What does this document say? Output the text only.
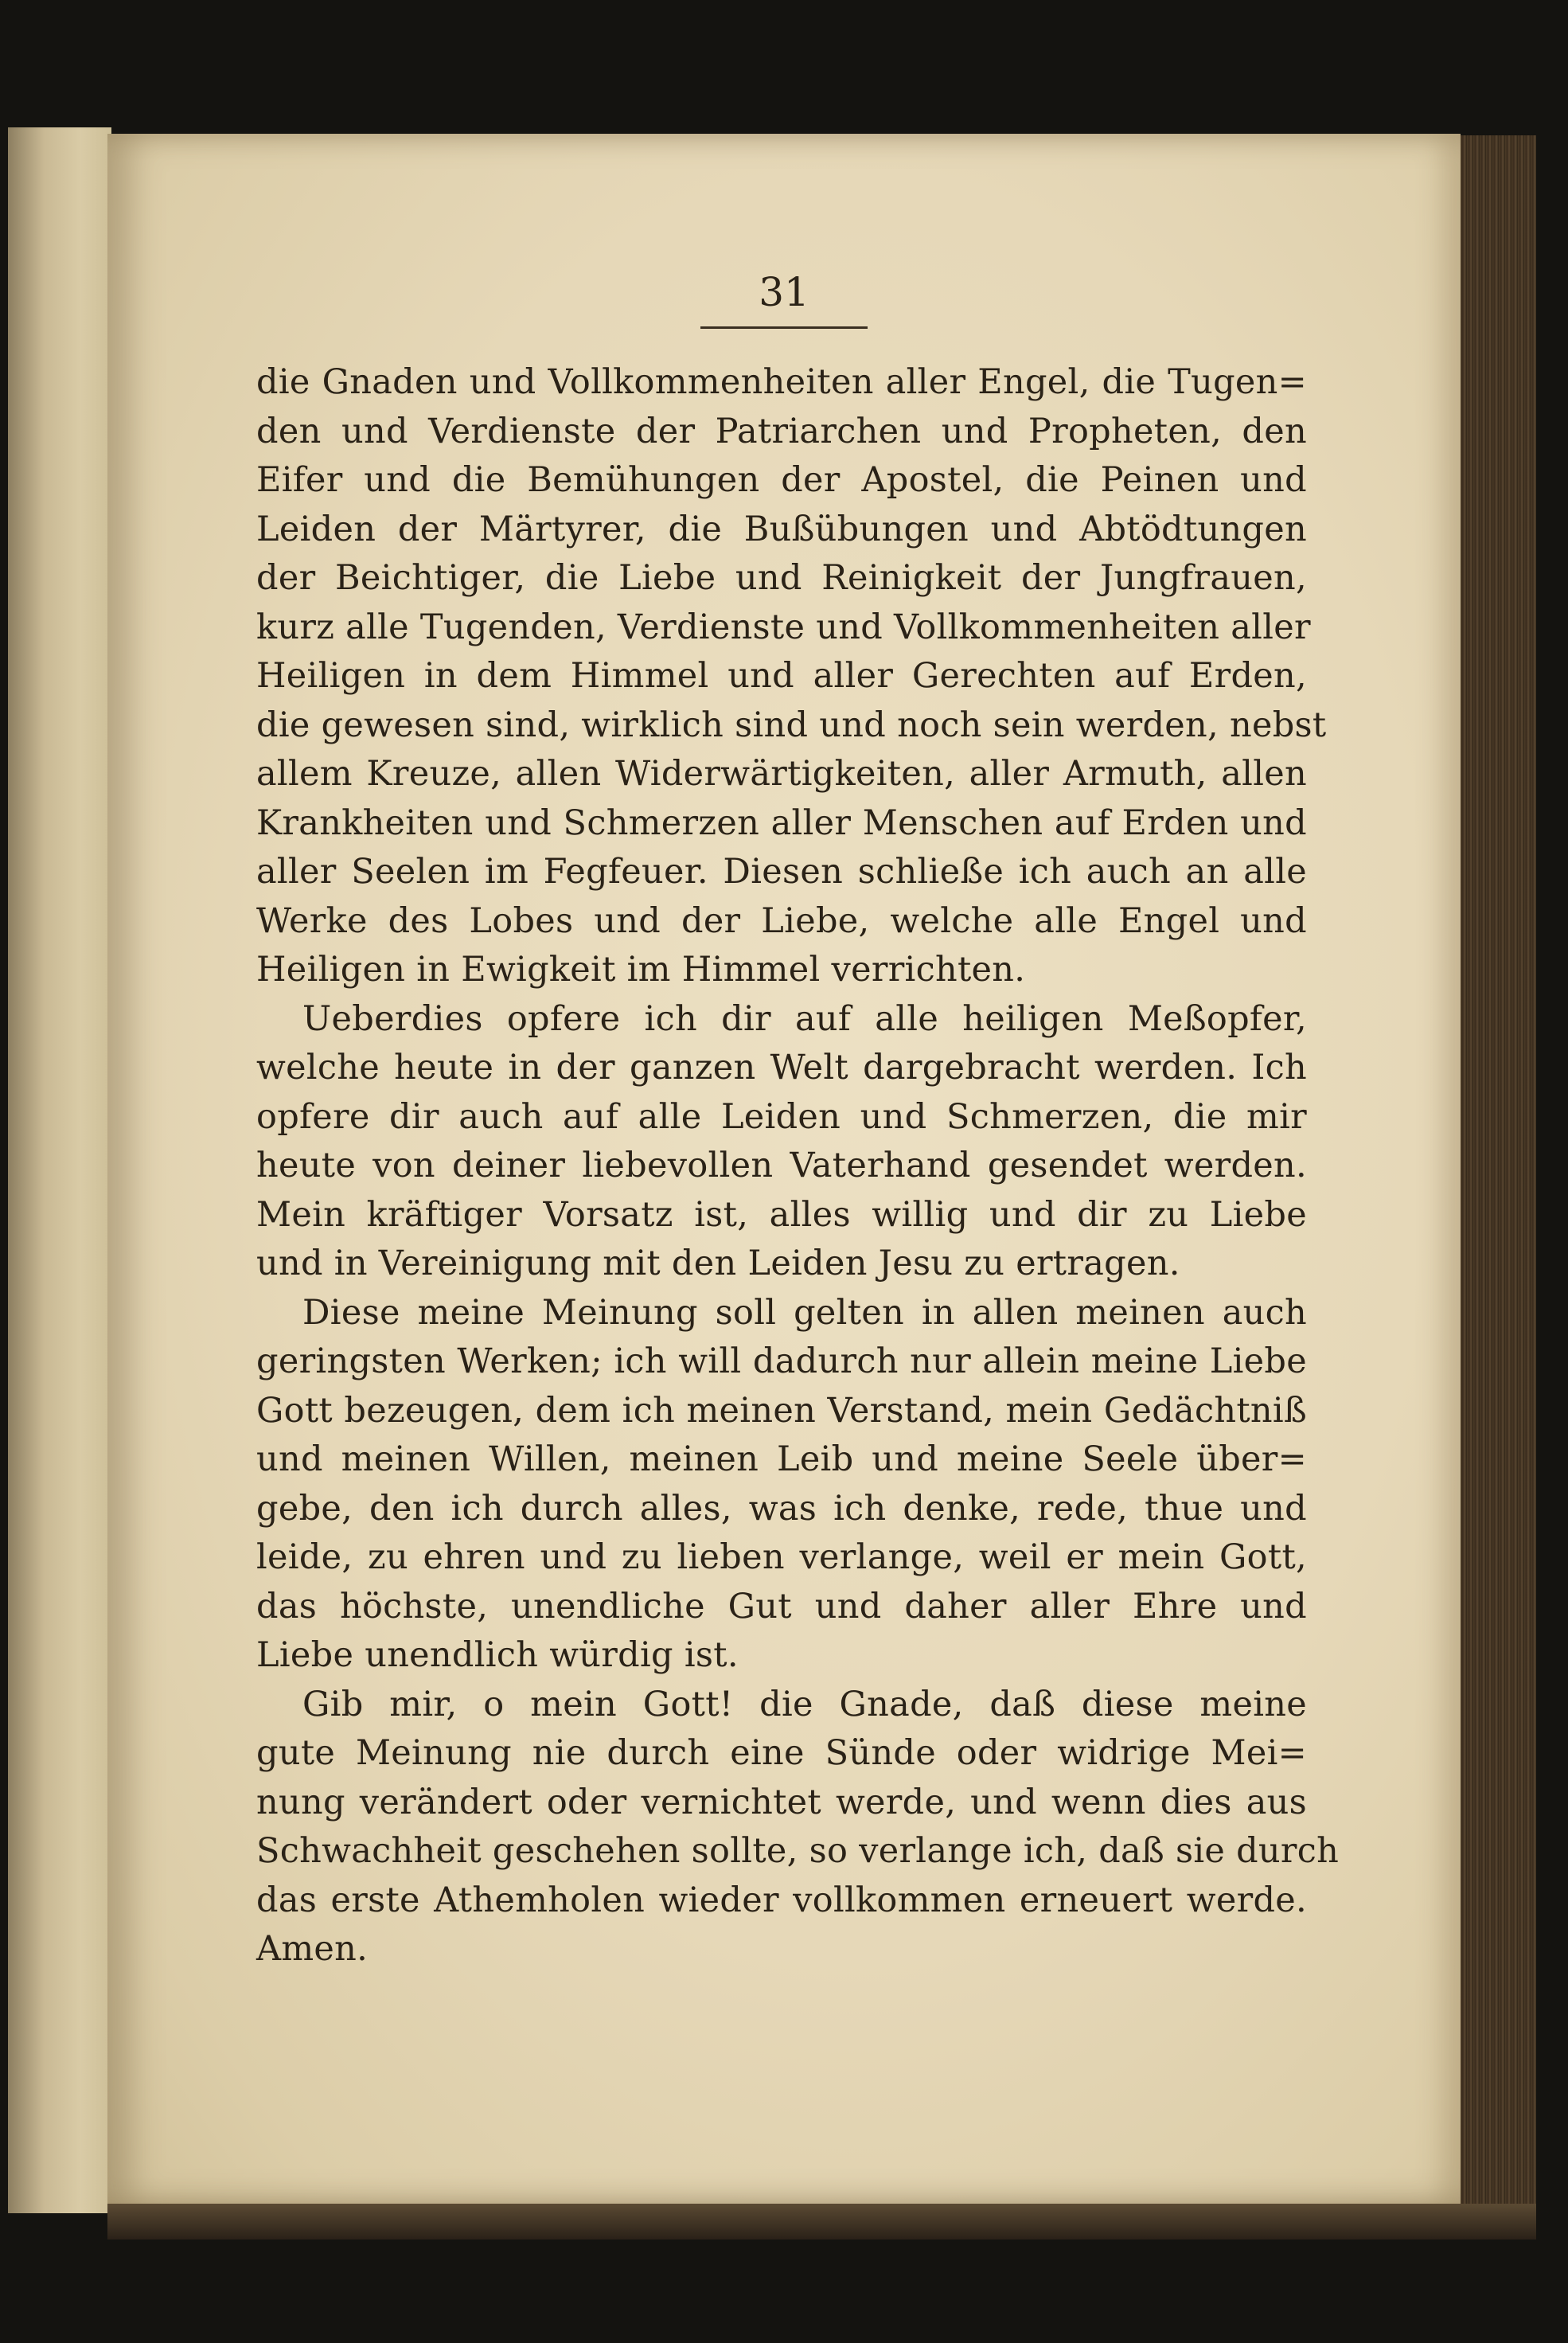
31
die Gnaden und Vollkommenheiten aller Engel, die Tugen=
den und Verdienste der Patriarchen und Propheten, den
Eifer und die Bemühungen der Apostel, die Peinen und
Leiden der Märtyrer, die Bußübungen und Abtödtungen
der Beichtiger, die Liebe und Reinigkeit der Jungfrauen,
kurz alle Tugenden, Verdienste und Vollkommenheiten aller
Heiligen in dem Himmel und aller Gerechten auf Erden,
die gewesen sind, wirklich sind und noch sein werden, nebst
allem Kreuze, allen Widerwärtigkeiten, aller Armuth, allen
Krankheiten und Schmerzen aller Menschen auf Erden und
aller Seelen im Fegfeuer. Diesen schließe ich auch an alle
Werke des Lobes und der Liebe, welche alle Engel und
Heiligen in Ewigkeit im Himmel verrichten.
Ueberdies opfere ich dir auf alle heiligen Meßopfer,
welche heute in der ganzen Welt dargebracht werden. Ich
opfere dir auch auf alle Leiden und Schmerzen, die mir
heute von deiner liebevollen Vaterhand gesendet werden.
Mein kräftiger Vorsatz ist, alles willig und dir zu Liebe
und in Vereinigung mit den Leiden Jesu zu ertragen.
Diese meine Meinung soll gelten in allen meinen auch
geringsten Werken; ich will dadurch nur allein meine Liebe
Gott bezeugen, dem ich meinen Verstand, mein Gedächtniß
und meinen Willen, meinen Leib und meine Seele über=
gebe, den ich durch alles, was ich denke, rede, thue und
leide, zu ehren und zu lieben verlange, weil er mein Gott,
das höchste, unendliche Gut und daher aller Ehre und
Liebe unendlich würdig ist.
Gib mir, o mein Gott! die Gnade, daß diese meine
gute Meinung nie durch eine Sünde oder widrige Mei=
nung verändert oder vernichtet werde, und wenn dies aus
Schwachheit geschehen sollte, so verlange ich, daß sie durch
das erste Athemholen wieder vollkommen erneuert werde.
Amen.
